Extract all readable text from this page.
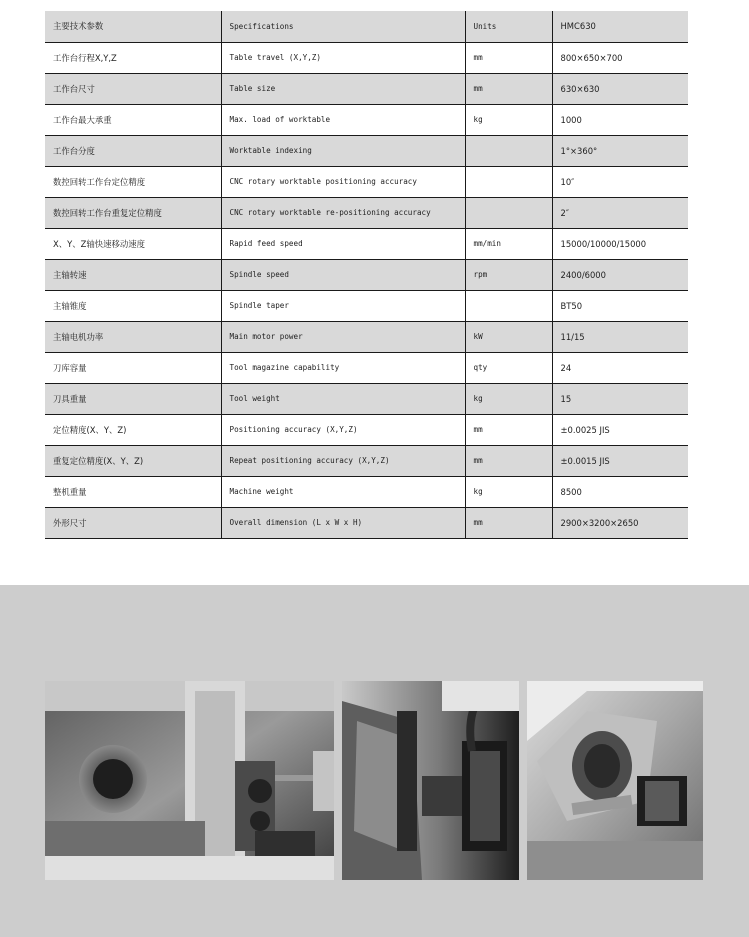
主要技术参数	Specifications	Units	HMC630
工作台行程X,Y,Z	Table travel (X,Y,Z)	mm	800×650×700
工作台尺寸	Table size	mm	630×630
工作台最大承重	Max. load of worktable	kg	1000
工作台分度	Worktable indexing		1°×360°
数控回转工作台定位精度	CNC rotary worktable positioning accuracy		10″
数控回转工作台重复定位精度	CNC rotary worktable re-positioning accuracy		2″
X、Y、Z轴快速移动速度	Rapid feed speed	mm/min	15000/10000/15000
主轴转速	Spindle speed	rpm	2400/6000
主轴锥度	Spindle taper		BT50
主轴电机功率	Main motor power	kW	11/15
刀库容量	Tool magazine capability	qty	24
刀具重量	Tool weight	kg	15
定位精度(X、Y、Z)	Positioning accuracy (X,Y,Z)	mm	±0.0025 JIS
重复定位精度(X、Y、Z)	Repeat positioning accuracy (X,Y,Z)	mm	±0.0015 JIS
整机重量	Machine weight	kg	8500
外形尺寸	Overall dimension (L x W x H)	mm	2900×3200×2650
